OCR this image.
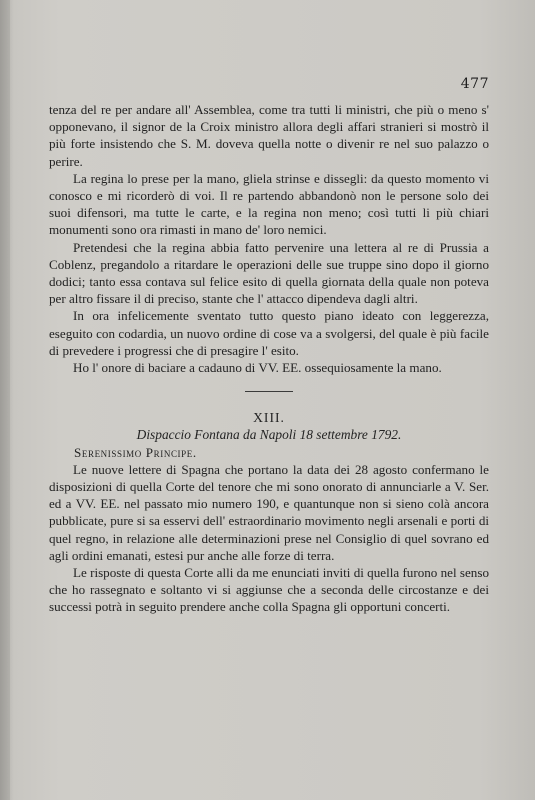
477

tenza del re per andare all' Assemblea, come tra tutti li ministri, che più o meno s' opponevano, il signor de la Croix ministro allora degli affari stranieri si mostrò il più forte insistendo che S. M. doveva quella notte o divenir re nel suo palazzo o perire.

La regina lo prese per la mano, gliela strinse e dissegli: da questo momento vi conosco e mi ricorderò di voi. Il re partendo abbandonò non le persone solo dei suoi difensori, ma tutte le carte, e la regina non meno; così tutti li più chiari monumenti sono ora rimasti in mano de' loro nemici.

Pretendesi che la regina abbia fatto pervenire una lettera al re di Prussia a Coblenz, pregandolo a ritardare le operazioni delle sue truppe sino dopo il giorno dodici; tanto essa contava sul felice esito di quella giornata della quale non poteva per altro fissare il di preciso, stante che l' attacco dipendeva dagli altri.

In ora infelicemente sventato tutto questo piano ideato con leggerezza, eseguito con codardia, un nuovo ordine di cose va a svolgersi, del quale è più facile di prevedere i progressi che di presagire l' esito.

Ho l' onore di baciare a cadauno di VV. EE. ossequiosamente la mano.

XIII.

Dispaccio Fontana da Napoli 18 settembre 1792.

Serenissimo Principe.

Le nuove lettere di Spagna che portano la data dei 28 agosto confermano le disposizioni di quella Corte del tenore che mi sono onorato di annunciarle a V. Ser. ed a VV. EE. nel passato mio numero 190, e quantunque non si sieno colà ancora pubblicate, pure si sa esservi dell' estraordinario movimento negli arsenali e porti di quel regno, in relazione alle determinazioni prese nel Consiglio di quel sovrano ed agli ordini emanati, estesi pur anche alle forze di terra.

Le risposte di questa Corte alli da me enunciati inviti di quella furono nel senso che ho rassegnato e soltanto vi si aggiunse che a seconda delle circostanze e dei successi potrà in seguito prendere anche colla Spagna gli opportuni concerti.
